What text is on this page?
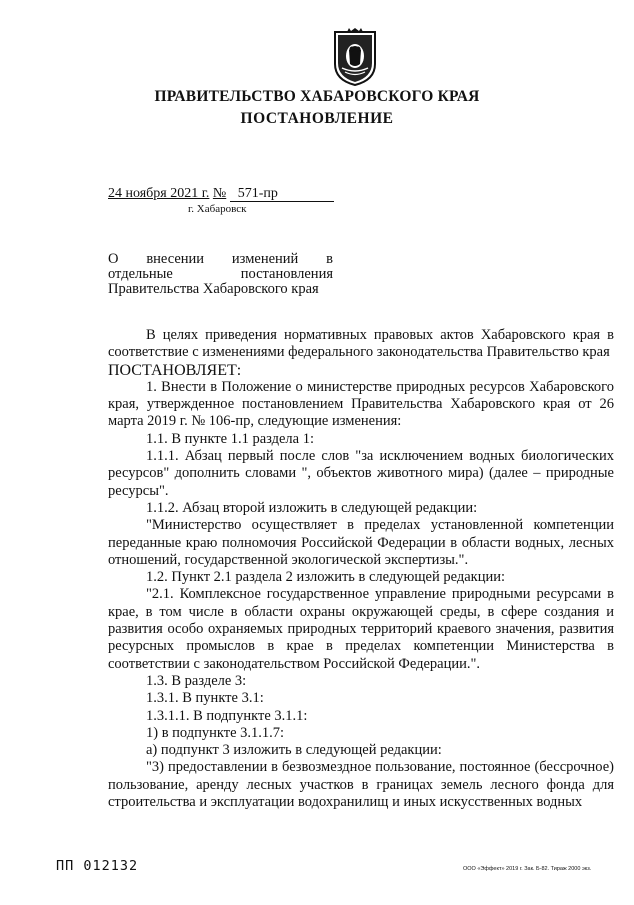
ПРАВИТЕЛЬСТВО ХАБАРОВСКОГО КРАЯ
ПОСТАНОВЛЕНИЕ
24 ноября 2021 г. № 571-пр
г. Хабаровск
О внесении изменений в
отдельные постановления
Правительства Хабаровского края

В целях приведения нормативных правовых актов Хабаровского края в соответствие с изменениями федерального законодательства Правительство края

ПОСТАНОВЛЯЕТ:

1. Внести в Положение о министерстве природных ресурсов Хабаровского края, утвержденное постановлением Правительства Хабаровского края от 26 марта 2019 г. № 106-пр, следующие изменения:

1.1. В пункте 1.1 раздела 1:

1.1.1. Абзац первый после слов "за исключением водных биологических ресурсов" дополнить словами ", объектов животного мира) (далее – природные ресурсы".

1.1.2. Абзац второй изложить в следующей редакции:

"Министерство осуществляет в пределах установленной компетенции переданные краю полномочия Российской Федерации в области водных, лесных отношений, государственной экологической экспертизы.".

1.2. Пункт 2.1 раздела 2 изложить в следующей редакции:

"2.1. Комплексное государственное управление природными ресурсами в крае, в том числе в области охраны окружающей среды, в сфере создания и развития особо охраняемых природных территорий краевого значения, развития ресурсных промыслов в крае в пределах компетенции Министерства в соответствии с законодательством Российской Федерации.".

1.3. В разделе 3:

1.3.1. В пункте 3.1:

1.3.1.1. В подпункте 3.1.1:

1) в подпункте 3.1.1.7:

а) подпункт 3 изложить в следующей редакции:

"3) предоставлении в безвозмездное пользование, постоянное (бессрочное) пользование, аренду лесных участков в границах земель лесного фонда для строительства и эксплуатации водохранилищ и иных искусственных водных

ПП 012132	ООО «Эффект» 2019 г. Зак. Б-82. Тираж 2000 экз.
